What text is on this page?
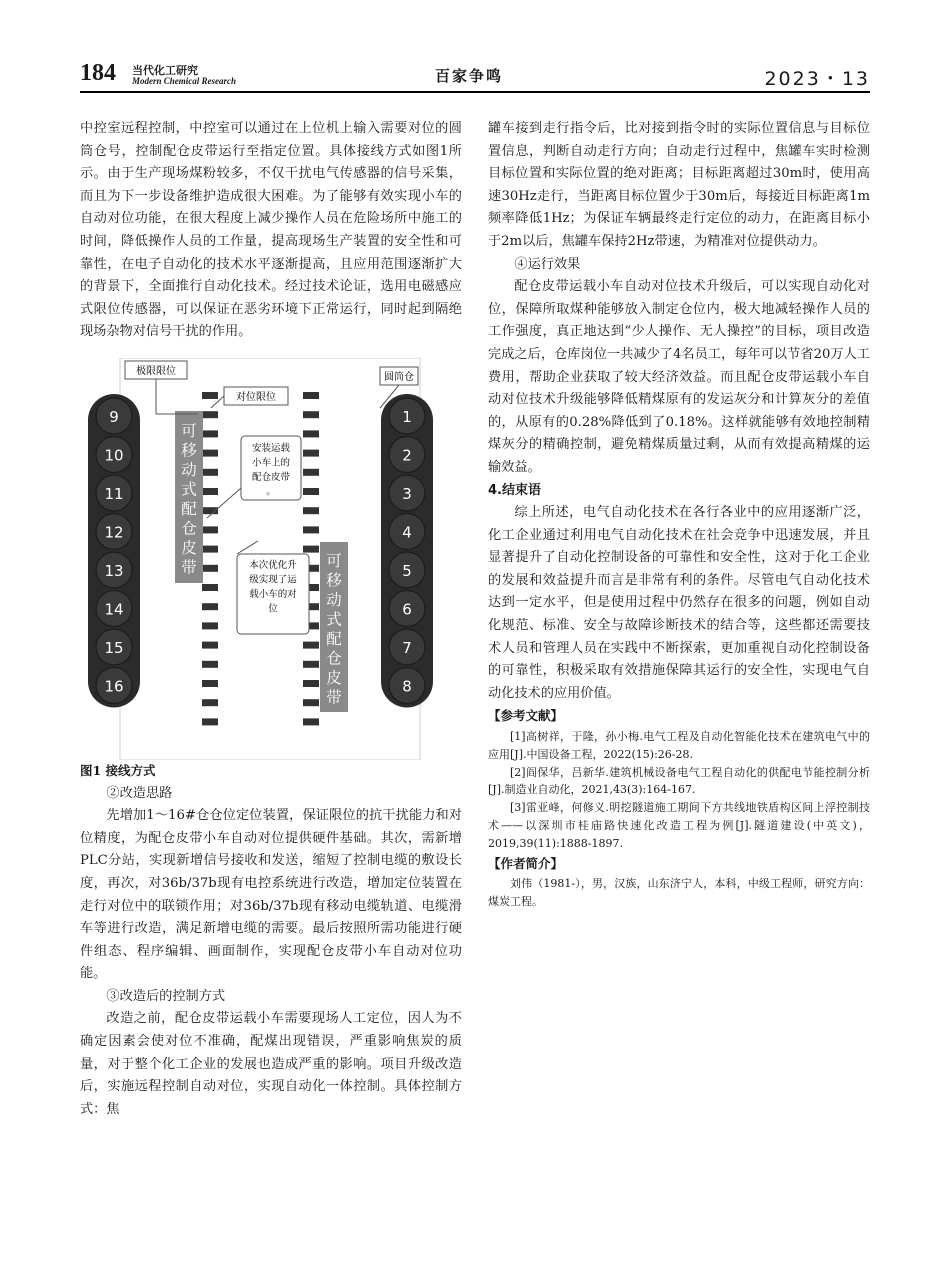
184 当代化工研究
Modern Chemical Research	百家争鸣	2023・13

中控室远程控制，中控室可以通过在上位机上输入需要对位的圆筒仓号，控制配仓皮带运行至指定位置。具体接线方式如图1所示。由于生产现场煤粉较多，不仅干扰电气传感器的信号采集，而且为下一步设备维护造成很大困难。为了能够有效实现小车的自动对位功能，在很大程度上减少操作人员在危险场所中施工的时间，降低操作人员的工作量，提高现场生产装置的安全性和可靠性，在电子自动化的技术水平逐渐提高，且应用范围逐渐扩大的背景下，全面推行自动化技术。经过技术论证，选用电磁感应式限位传感器，可以保证在恶劣环境下正常运行，同时起到隔绝现场杂物对信号干扰的作用。

可移动式配仓皮带	可移动式配仓皮带
9
10
11
12
13
14
15
16
1
2
3
4
5
6
7
8
极限限位
对位限位
圆筒仓
安装运载小车上的配仓皮带。
本次优化升级实现了运载小车的对位

图1 接线方式

②改造思路

先增加1～16#仓仓位定位装置，保证限位的抗干扰能力和对位精度，为配仓皮带小车自动对位提供硬件基础。其次，需新增PLC分站，实现新增信号接收和发送，缩短了控制电缆的敷设长度，再次，对36b/37b现有电控系统进行改造，增加定位装置在走行对位中的联锁作用；对36b/37b现有移动电缆轨道、电缆滑车等进行改造，满足新增电缆的需要。最后按照所需功能进行硬件组态、程序编辑、画面制作，实现配仓皮带小车自动对位功能。

③改造后的控制方式

改造之前，配仓皮带运载小车需要现场人工定位，因人为不确定因素会使对位不准确，配煤出现错误，严重影响焦炭的质量，对于整个化工企业的发展也造成严重的影响。项目升级改造后，实施远程控制自动对位，实现自动化一体控制。具体控制方式：焦

罐车接到走行指令后，比对接到指令时的实际位置信息与目标位置信息，判断自动走行方向；自动走行过程中，焦罐车实时检测目标位置和实际位置的绝对距离；目标距离超过30m时，使用高速30Hz走行，当距离目标位置少于30m后，每接近目标距离1m频率降低1Hz；为保证车辆最终走行定位的动力，在距离目标小于2m以后，焦罐车保持2Hz带速，为精准对位提供动力。

④运行效果

配仓皮带运载小车自动对位技术升级后，可以实现自动化对位，保障所取煤种能够放入制定仓位内，极大地减轻操作人员的工作强度，真正地达到“少人操作、无人操控”的目标，项目改造完成之后，仓库岗位一共减少了4名员工，每年可以节省20万人工费用，帮助企业获取了较大经济效益。而且配仓皮带运载小车自动对位技术升级能够降低精煤原有的发运灰分和计算灰分的差值的，从原有的0.28%降低到了0.18%。这样就能够有效地控制精煤灰分的精确控制，避免精煤质量过剩，从而有效提高精煤的运输效益。

4.结束语

综上所述，电气自动化技术在各行各业中的应用逐渐广泛，化工企业通过利用电气自动化技术在社会竞争中迅速发展，并且显著提升了自动化控制设备的可靠性和安全性，这对于化工企业的发展和效益提升而言是非常有利的条件。尽管电气自动化技术达到一定水平，但是使用过程中仍然存在很多的问题，例如自动化规范、标准、安全与故障诊断技术的结合等，这些都还需要技术人员和管理人员在实践中不断探索，更加重视自动化控制设备的可靠性，积极采取有效措施保障其运行的安全性，实现电气自动化技术的应用价值。

【参考文献】

[1]高树祥，于隆，孙小梅.电气工程及自动化智能化技术在建筑电气中的应用[J].中国设备工程，2022(15):26-28.

[2]阎保华，吕新华.建筑机械设备电气工程自动化的供配电节能控制分析[J].制造业自动化，2021,43(3):164-167.

[3]雷亚峰，何修义.明挖隧道施工期间下方共线地铁盾构区间上浮控制技术——以深圳市桂庙路快速化改造工程为例[J].隧道建设(中英文)，2019,39(11):1888-1897.

【作者简介】

刘伟（1981-），男，汉族，山东济宁人，本科，中级工程师，研究方向：煤炭工程。
